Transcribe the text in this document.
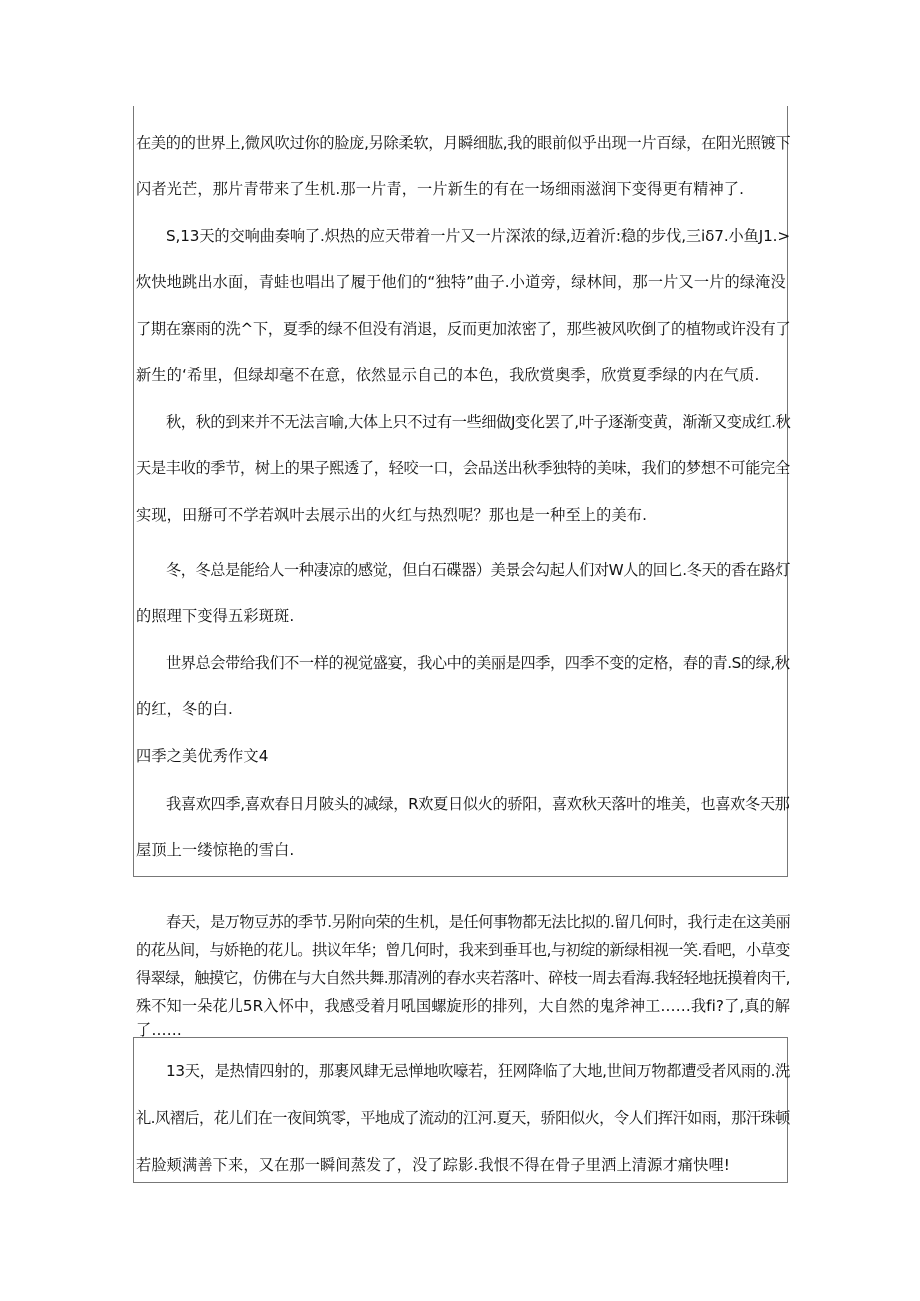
在美的的世界上,微风吹过你的脸庞,另除柔软，月瞬细肱,我的眼前似乎出现一片百绿，在阳光照镀下

闪者光芒，那片青带来了生机.那一片青，一片新生的有在一场细雨滋润下变得更有精神了.

S,13天的交响曲奏响了.炽热的应天带着一片又一片深浓的绿,迈着沂:稳的步伐,三iδ7.小鱼J1.>

炊快地跳出水面，青蛙也唱出了履于他们的“独特”曲子.小道旁，绿林间，那一片又一片的绿淹没

了期在寨雨的洗^下，夏季的绿不但没有消退，反而更加浓密了，那些被风吹倒了的植物或许没有了

新生的‘希里，但绿却毫不在意，依然显示自己的本色，我欣赏奥季，欣赏夏季绿的内在气质.

秋，秋的到来并不无法言喻,大体上只不过有一些细做J变化罢了,叶子逐渐变黄，渐渐又变成红.秋

天是丰收的季节，树上的果子熙透了，轻咬一口，会品送出秋季独特的美味，我们的梦想不可能完全

实现，田掰可不学若飒叶去展示出的火红与热烈呢？那也是一种至上的美布.

冬，冬总是能给人一种凄凉的感觉，但白石碟器）美景会勾起人们对W人的回匕.冬天的香在路灯

的照理下变得五彩斑斑.

世界总会带给我们不一样的视觉盛宴，我心中的美丽是四季，四季不变的定格，春的青.S的绿,秋

的红，冬的白.

四季之美优秀作文4

我喜欢四季,喜欢春日月陂头的减绿，R欢夏日似火的骄阳，喜欢秋天落叶的堆美，也喜欢冬天那

屋顶上一缕惊艳的雪白.

春天，是万物豆苏的季节.另附向荣的生机，是任何事物都无法比拟的.留几何时，我行走在这美丽

的花丛间，与娇艳的花儿。拱议年华；曾几何时，我来到垂耳也,与初绽的新绿相视一笑.看吧，小草变

得翠绿，触摸它，仿佛在与大自然共舞.那清冽的春水夹若落叶、碎枝一周去看海.我轻轻地抚摸着肉干,

殊不知一朵花儿5R入怀中，我感受着月吼国螺旋形的排列，大自然的鬼斧神工……我fi?了,真的解

了……

13天，是热情四射的，那裹风肆无忌惮地吹嚎若，狂网降临了大地,世间万物都遭受者风雨的.洗

礼.风褶后，花儿们在一夜间筑零，平地成了流动的江河.夏天，骄阳似火，令人们挥汗如雨，那汗珠顿

若脸颊满善下来，又在那一瞬间蒸发了，没了踪影.我恨不得在骨子里洒上清源才痛快哩!
